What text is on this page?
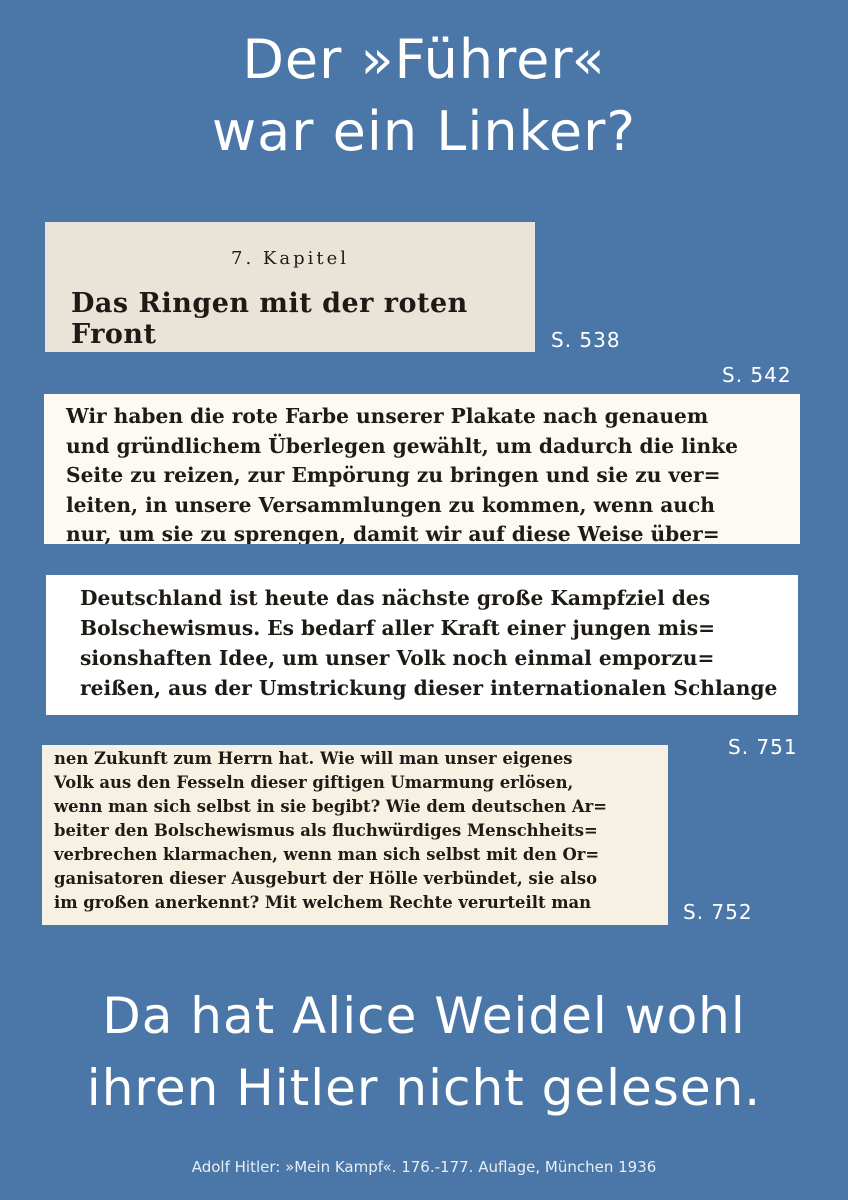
Der »Führer«
war ein Linker?
7. Kapitel
Das Ringen mit der roten Front	S. 538
S. 542
Wir haben die rote Farbe unserer Plakate nach genauem
und gründlichem Überlegen gewählt, um dadurch die linke
Seite zu reizen, zur Empörung zu bringen und sie zu ver=
leiten, in unsere Versammlungen zu kommen, wenn auch
nur, um sie zu sprengen, damit wir auf diese Weise über=
Deutschland ist heute das nächste große Kampfziel des
Bolschewismus. Es bedarf aller Kraft einer jungen mis=
sionshaften Idee, um unser Volk noch einmal emporzu=
reißen, aus der Umstrickung dieser internationalen Schlange
S. 751
nen Zukunft zum Herrn hat. Wie will man unser eigenes
Volk aus den Fesseln dieser giftigen Umarmung erlösen,
wenn man sich selbst in sie begibt? Wie dem deutschen Ar=
beiter den Bolschewismus als fluchwürdiges Menschheits=
verbrechen klarmachen, wenn man sich selbst mit den Or=
ganisatoren dieser Ausgeburt der Hölle verbündet, sie also
im großen anerkennt? Mit welchem Rechte verurteilt man	S. 752
Da hat Alice Weidel wohl
ihren Hitler nicht gelesen.
Adolf Hitler: »Mein Kampf«. 176.-177. Auflage, München 1936
